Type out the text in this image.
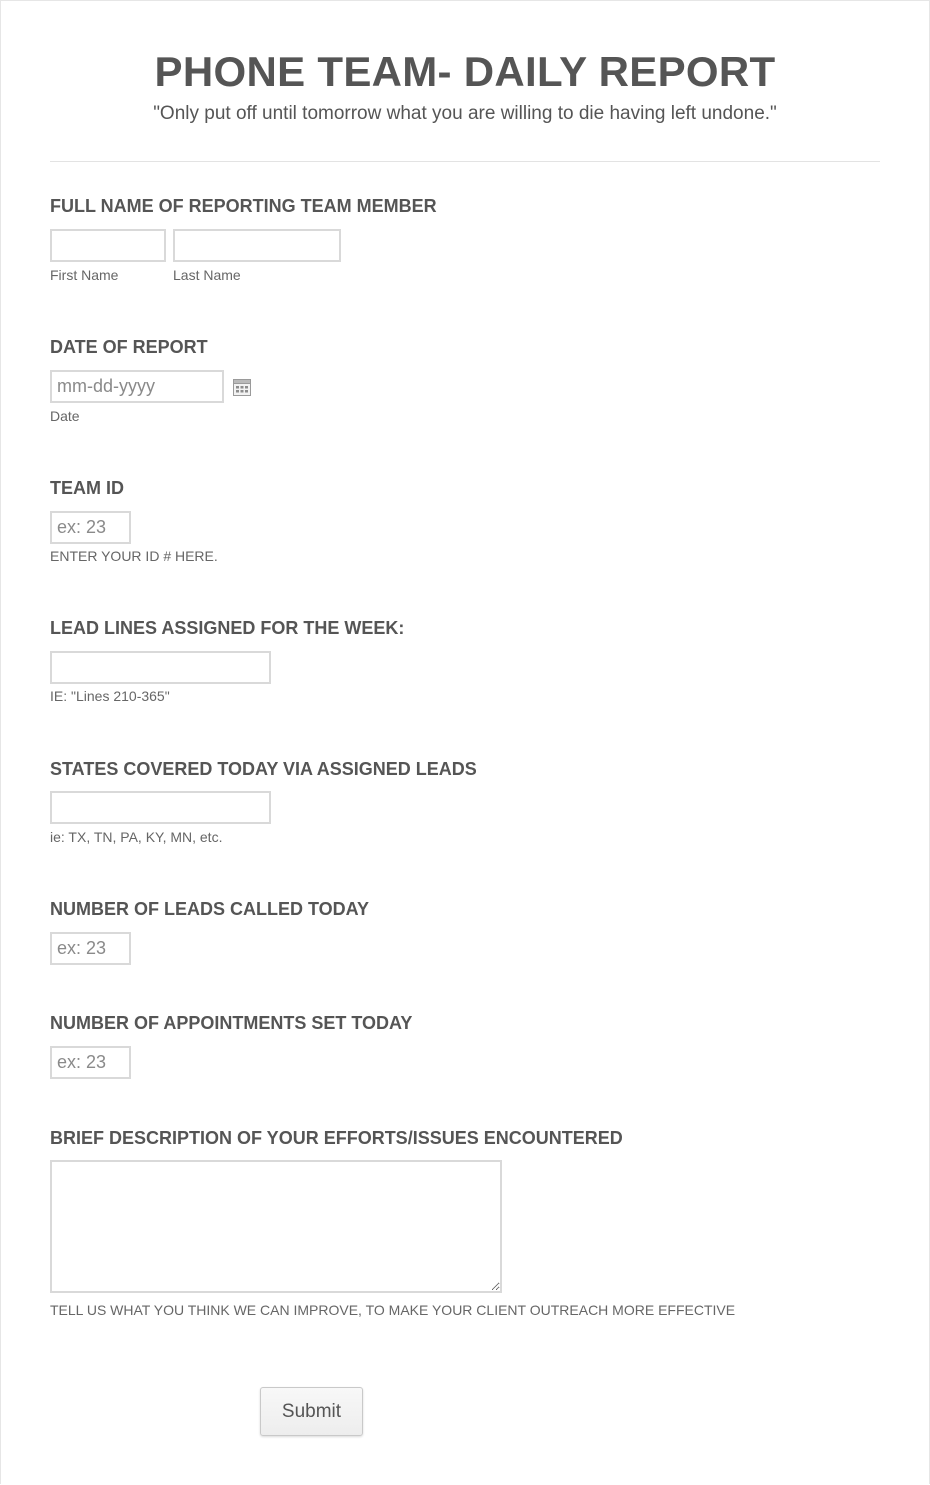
PHONE TEAM- DAILY REPORT
"Only put off until tomorrow what you are willing to die having left undone."
FULL NAME OF REPORTING TEAM MEMBER
First Name	Last Name
DATE OF REPORT
mm-dd-yyyy
Date
TEAM ID
ex: 23
ENTER YOUR ID # HERE.
LEAD LINES ASSIGNED FOR THE WEEK:
IE: "Lines 210-365"
STATES COVERED TODAY VIA ASSIGNED LEADS
ie: TX, TN, PA, KY, MN, etc.
NUMBER OF LEADS CALLED TODAY
ex: 23
NUMBER OF APPOINTMENTS SET TODAY
ex: 23
BRIEF DESCRIPTION OF YOUR EFFORTS/ISSUES ENCOUNTERED
TELL US WHAT YOU THINK WE CAN IMPROVE, TO MAKE YOUR CLIENT OUTREACH MORE EFFECTIVE
Submit
